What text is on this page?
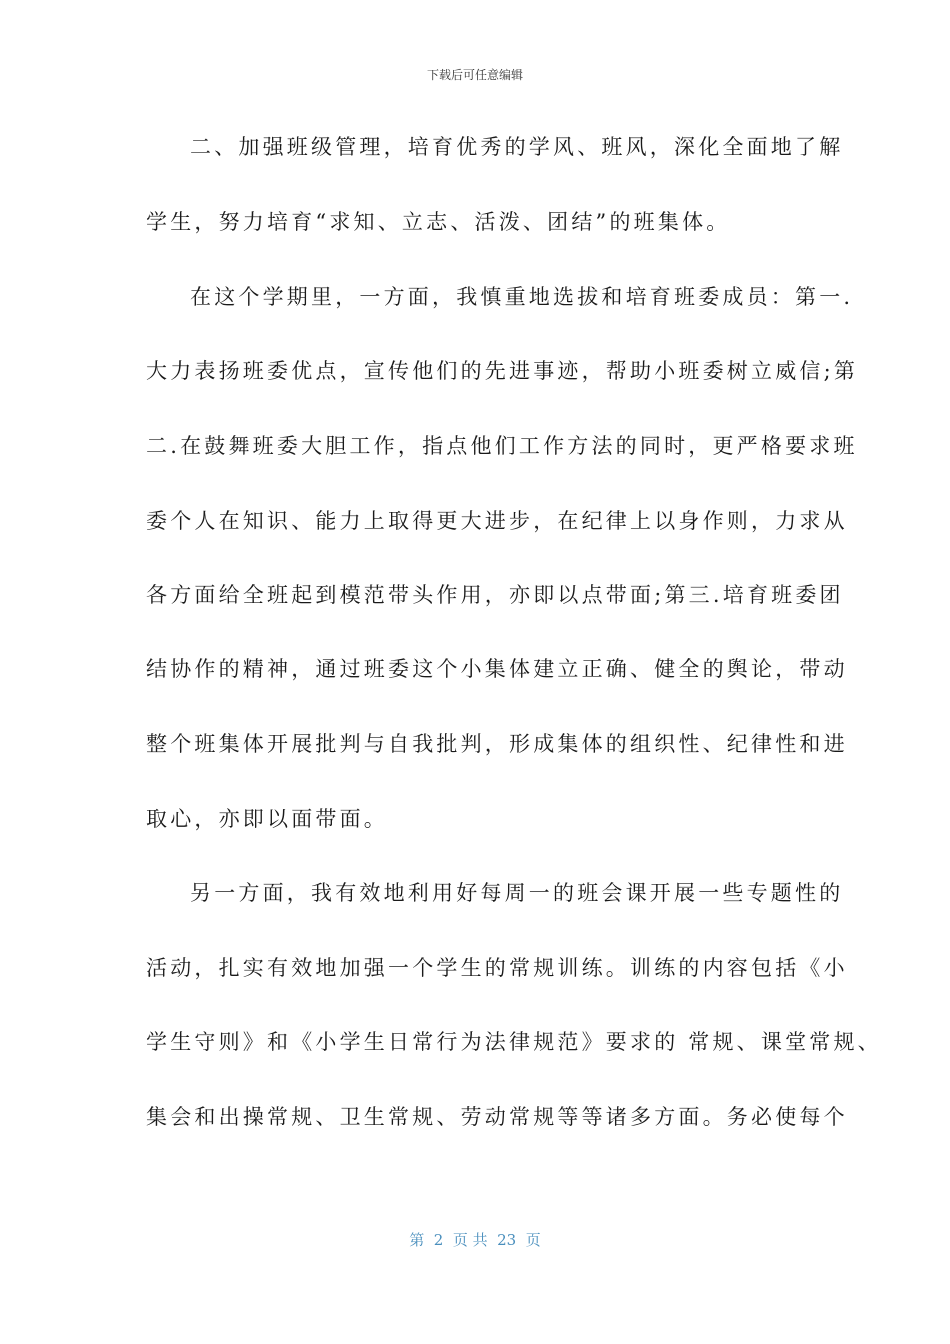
下载后可任意编辑
二、加强班级管理，培育优秀的学风、班风，深化全面地了解
学生，努力培育“求知、立志、活泼、团结”的班集体。
在这个学期里，一方面，我慎重地选拔和培育班委成员：第一.
大力表扬班委优点，宣传他们的先进事迹，帮助小班委树立威信;第
二.在鼓舞班委大胆工作，指点他们工作方法的同时，更严格要求班
委个人在知识、能力上取得更大进步，在纪律上以身作则，力求从
各方面给全班起到模范带头作用，亦即以点带面;第三.培育班委团
结协作的精神，通过班委这个小集体建立正确、健全的舆论，带动
整个班集体开展批判与自我批判，形成集体的组织性、纪律性和进
取心，亦即以面带面。
另一方面，我有效地利用好每周一的班会课开展一些专题性的
活动，扎实有效地加强一个学生的常规训练。训练的内容包括《小
学生守则》和《小学生日常行为法律规范》要求的 常规、课堂常规、
集会和出操常规、卫生常规、劳动常规等等诸多方面。务必使每个
第  2  页 共  23  页
